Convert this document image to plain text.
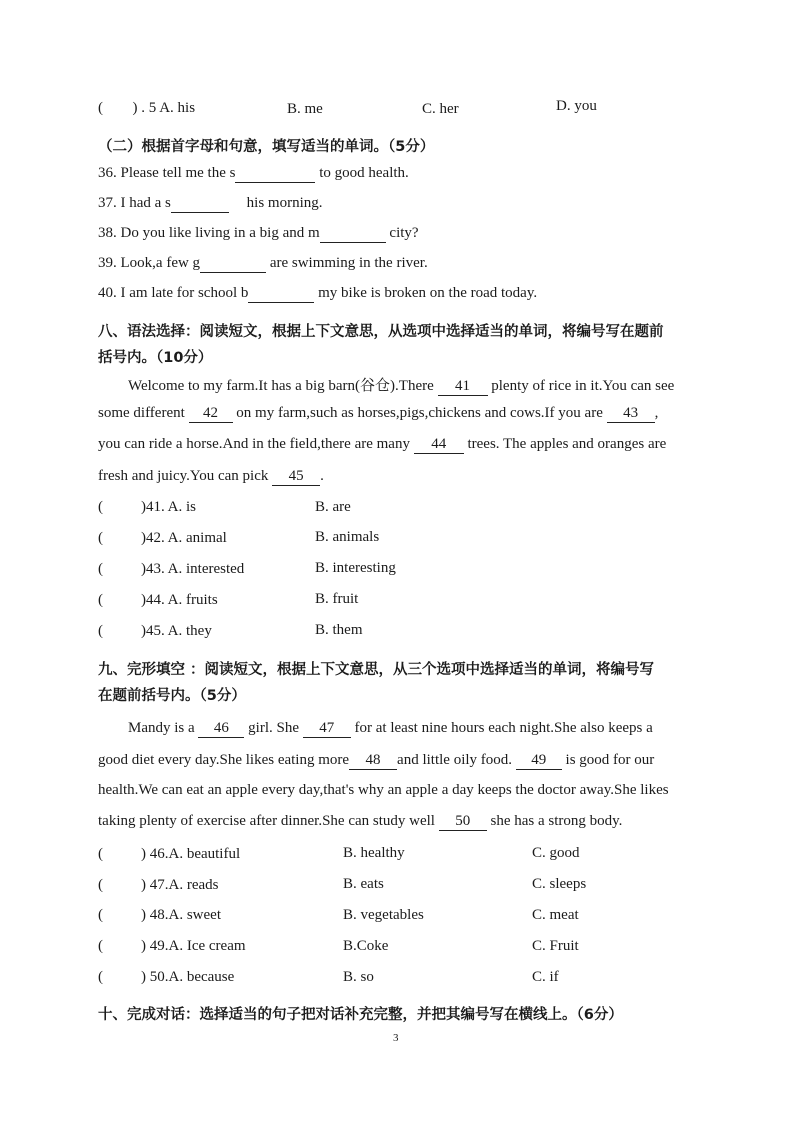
( ) . 5 A. his	B. me	C. her	D. you
（二）根据首字母和句意，填写适当的单词。（5分）
36. Please tell me the s	to good health.
37. I had a s	his morning.
38. Do you like living in a big and m	city?
39. Look,a few g	are swimming in the river.
40. I am late for school b	my bike is broken on the road today.
八、语法选择：阅读短文，根据上下文意思，从选项中选择适当的单词，将编号写在题前
括号内。（10分）
Welcome to my farm.It has a big barn(谷仓).There 41 plenty of rice in it.You can see
some different 42 on my farm,such as horses,pigs,chickens and cows.If you are 43 ,
you can ride a horse.And in the field,there are many 44 trees. The apples and oranges are
fresh and juicy.You can pick 45 .
(	)41. A. is	B. are
(	)42. A. animal	B. animals
(	)43. A. interested	B. interesting
(	)44. A. fruits	B. fruit
(	)45. A. they	B. them
九、完形填空 ：阅读短文，根据上下文意思，从三个选项中选择适当的单词，将编号写
在题前括号内。（5分）
Mandy is a 46 girl. She 47 for at least nine hours each night.She also keeps a
good diet every day.She likes eating more 48 and little oily food. 49 is good for our
health.We can eat an apple every day,that's why an apple a day keeps the doctor away.She likes
taking plenty of exercise after dinner.She can study well 50 she has a strong body.
(	) 46.A. beautiful	B. healthy	C. good
(	) 47.A. reads	B. eats	C. sleeps
(	) 48.A. sweet	B. vegetables	C. meat
(	) 49.A. Ice cream	B.Coke	C. Fruit
(	) 50.A. because	B. so	C. if
十、完成对话：选择适当的句子把对话补充完整，并把其编号写在横线上。（6分）
3
